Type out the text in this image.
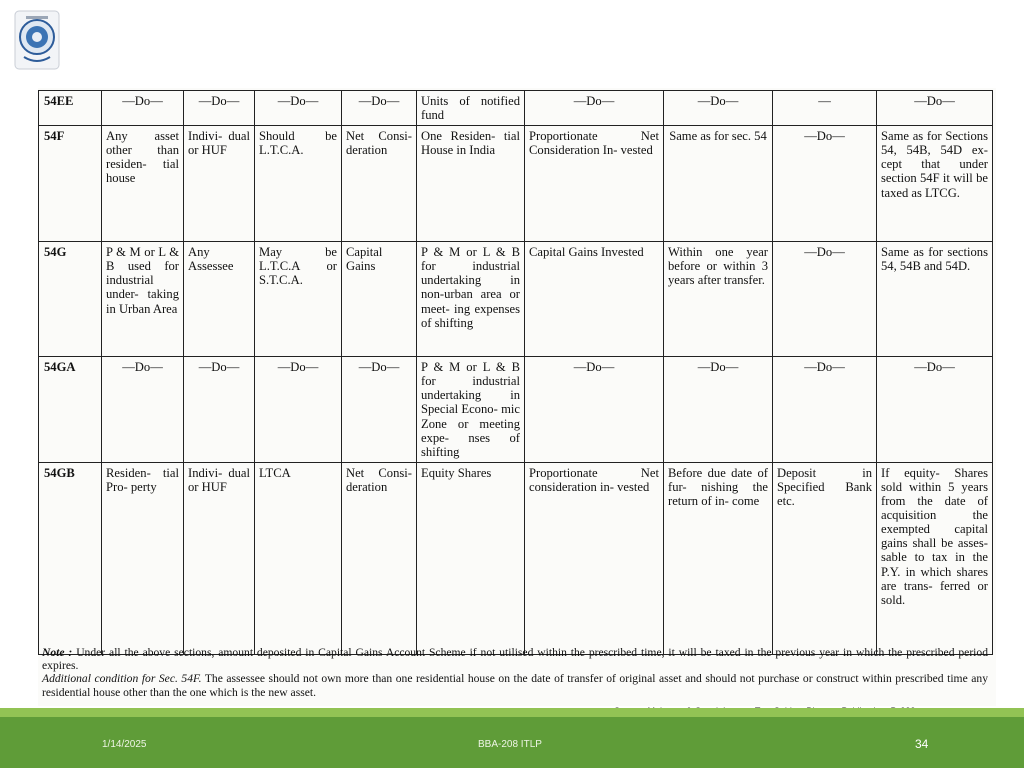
54EE	—Do—	—Do—	—Do—	—Do—	Units of notified fund	—Do—	—Do—	—	—Do—
54F	Any asset other than residen- tial house	Indivi- dual or HUF	Should be L.T.C.A.	Net Consi- deration	One Residen- tial House in India	Proportionate Net Consideration In- vested	Same as for sec. 54	—Do—	Same as for Sections 54, 54B, 54D ex- cept that under section 54F it will be taxed as LTCG.
54G	P & M or L & B used for industrial under- taking in Urban Area	Any Assessee	May be L.T.C.A or S.T.C.A.	Capital Gains	P & M or L & B for industrial undertaking in non-urban area or meet- ing expenses of shifting	Capital Gains Invested	Within one year before or within 3 years after transfer.	—Do—	Same as for sections 54, 54B and 54D.
54GA	—Do—	—Do—	—Do—	—Do—	P & M or L & B for industrial undertaking in Special Econo- mic Zone or meeting expe- nses of shifting	—Do—	—Do—	—Do—	—Do—
54GB	Residen- tial Pro- perty	Indivi- dual or HUF	LTCA	Net Consi- deration	Equity Shares	Proportionate Net consideration in- vested	Before due date of fur- nishing the return of in- come	Deposit in Specified Bank etc.	If equity- Shares sold within 5 years from the date of acquisition the exempted capital gains shall be asses- sable to tax in the P.Y. in which shares are trans- ferred or sold.
Note : Under all the above sections, amount deposited in Capital Gains Account Scheme if not utilised within the prescribed time, it will be taxed in the previous year in which the prescribed period expires.
Additional condition for Sec. 54F. The assessee should not own more than one residential house on the date of transfer of original asset and should not purchase or construct within prescribed time any residential house other than the one which is the new asset.
1/14/2025	BBA-208 ITLP	34
